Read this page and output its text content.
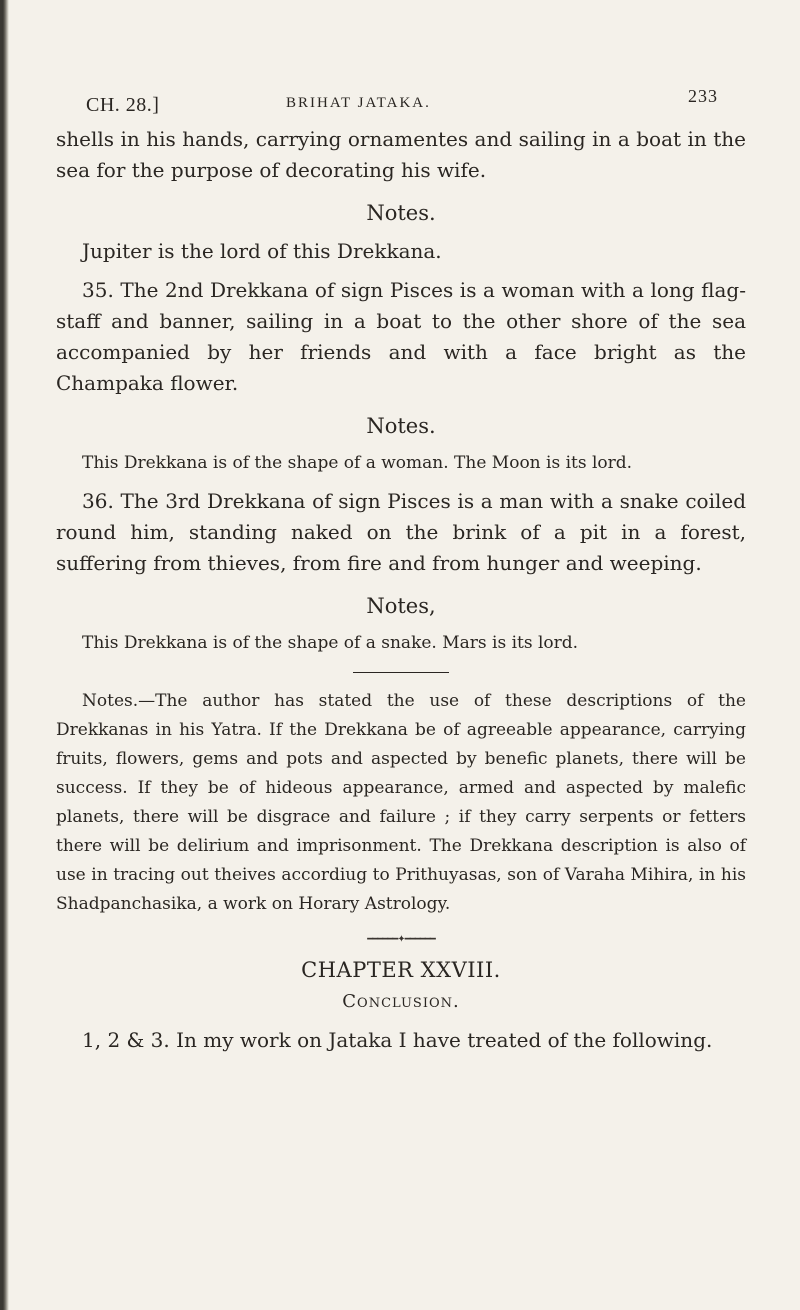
CH. 28.]	BRIHAT JATAKA.	233

shells in his hands, carrying ornamentes and sailing in a boat in the sea for the purpose of decorating his wife.

Notes.

Jupiter is the lord of this Drekkana.

35. The 2nd Drekkana of sign Pisces is a woman with a long flag-staff and banner, sailing in a boat to the other shore of the sea accompanied by her friends and with a face bright as the Champaka flower.

Notes.

This Drekkana is of the shape of a woman. The Moon is its lord.

36. The 3rd Drekkana of sign Pisces is a man with a snake coiled round him, standing naked on the brink of a pit in a forest, suffering from thieves, from fire and from hunger and weeping.

Notes,

This Drekkana is of the shape of a snake. Mars is its lord.

Notes.—The author has stated the use of these descriptions of the Drekkanas in his Yatra. If the Drekkana be of agreeable appearance, carrying fruits, flowers, gems and pots and aspected by benefic planets, there will be success. If they be of hideous appearance, armed and aspected by malefic planets, there will be disgrace and failure ; if they carry serpents or fetters there will be delirium and imprisonment. The Drekkana description is also of use in tracing out theives accordiug to Prithuyasas, son of Varaha Mihira, in his Shadpanchasika, a work on Horary Astrology.

━━━━━━✦━━━━━━

CHAPTER XXVIII.

Conclusion.

1, 2 & 3. In my work on Jataka I have treated of the following.
